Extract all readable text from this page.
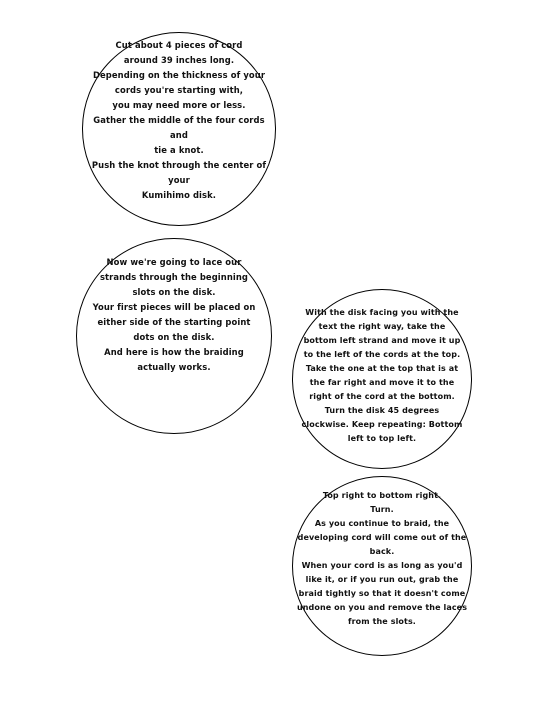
Cut about 4 pieces of cord
around 39 inches long.
Depending on the thickness of your
cords you're starting with,
you may need more or less.
Gather the middle of the four cords and
tie a knot.
Push the knot through the center of your
Kumihimo disk.

Now we're going to lace our
strands through the beginning
slots on the disk.
Your first pieces will be placed on
either side of the starting point
dots on the disk.
And here is how the braiding
actually works.

With the disk facing you with the
text the right way, take the
bottom left strand and move it up
to the left of the cords at the top.
Take the one at the top that is at
the far right and move it to the
right of the cord at the bottom.
Turn the disk 45 degrees
clockwise. Keep repeating: Bottom
left to top left.

Top right to bottom right.
Turn.
As you continue to braid, the
developing cord will come out of the
back.
When your cord is as long as you'd
like it, or if you run out, grab the
braid tightly so that it doesn't come
undone on you and remove the laces
from the slots.
